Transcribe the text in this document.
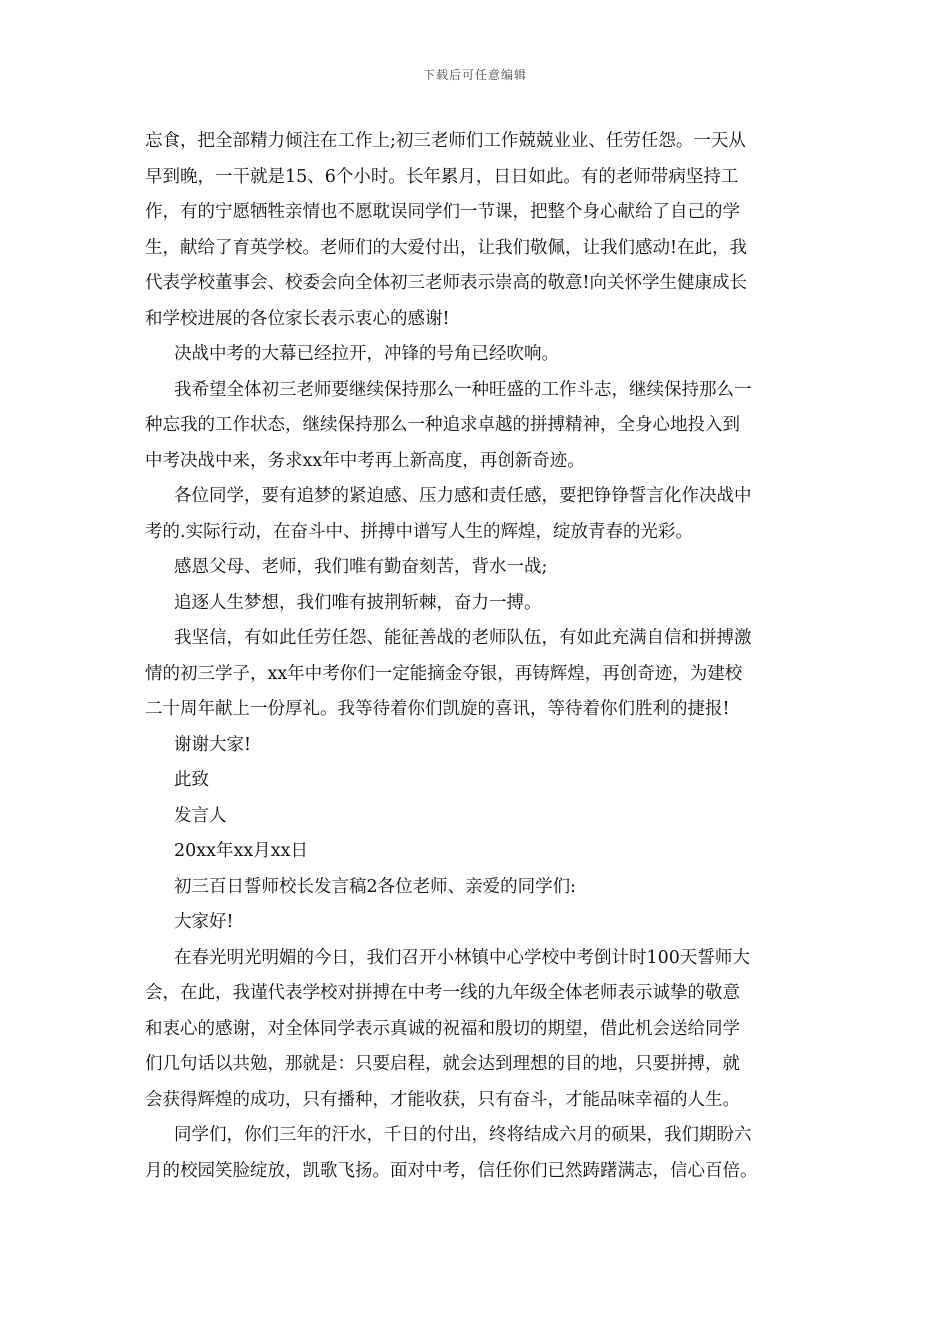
下载后可任意编辑
忘食，把全部精力倾注在工作上;初三老师们工作兢兢业业、任劳任怨。一天从
早到晚，一干就是15、6个小时。长年累月，日日如此。有的老师带病坚持工
作，有的宁愿牺牲亲情也不愿耽误同学们一节课，把整个身心献给了自己的学
生，献给了育英学校。老师们的大爱付出，让我们敬佩，让我们感动!在此，我
代表学校董事会、校委会向全体初三老师表示崇高的敬意!向关怀学生健康成长
和学校进展的各位家长表示衷心的感谢!
决战中考的大幕已经拉开，冲锋的号角已经吹响。
我希望全体初三老师要继续保持那么一种旺盛的工作斗志，继续保持那么一
种忘我的工作状态，继续保持那么一种追求卓越的拼搏精神，全身心地投入到
中考决战中来，务求xx年中考再上新高度，再创新奇迹。
各位同学，要有追梦的紧迫感、压力感和责任感，要把铮铮誓言化作决战中
考的.实际行动，在奋斗中、拼搏中谱写人生的辉煌，绽放青春的光彩。
感恩父母、老师，我们唯有勤奋刻苦，背水一战;
追逐人生梦想，我们唯有披荆斩棘，奋力一搏。
我坚信，有如此任劳任怨、能征善战的老师队伍，有如此充满自信和拼搏激
情的初三学子，xx年中考你们一定能摘金夺银，再铸辉煌，再创奇迹，为建校
二十周年献上一份厚礼。我等待着你们凯旋的喜讯，等待着你们胜利的捷报!
谢谢大家!
此致
发言人
20xx年xx月xx日
初三百日誓师校长发言稿2各位老师、亲爱的同学们:
大家好!
在春光明光明媚的今日，我们召开小林镇中心学校中考倒计时100天誓师大
会，在此，我谨代表学校对拼搏在中考一线的九年级全体老师表示诚挚的敬意
和衷心的感谢，对全体同学表示真诚的祝福和殷切的期望，借此机会送给同学
们几句话以共勉，那就是：只要启程，就会达到理想的目的地，只要拼搏，就
会获得辉煌的成功，只有播种，才能收获，只有奋斗，才能品味幸福的人生。
同学们，你们三年的汗水，千日的付出，终将结成六月的硕果，我们期盼六
月的校园笑脸绽放，凯歌飞扬。面对中考，信任你们已然踌躇满志，信心百倍。
